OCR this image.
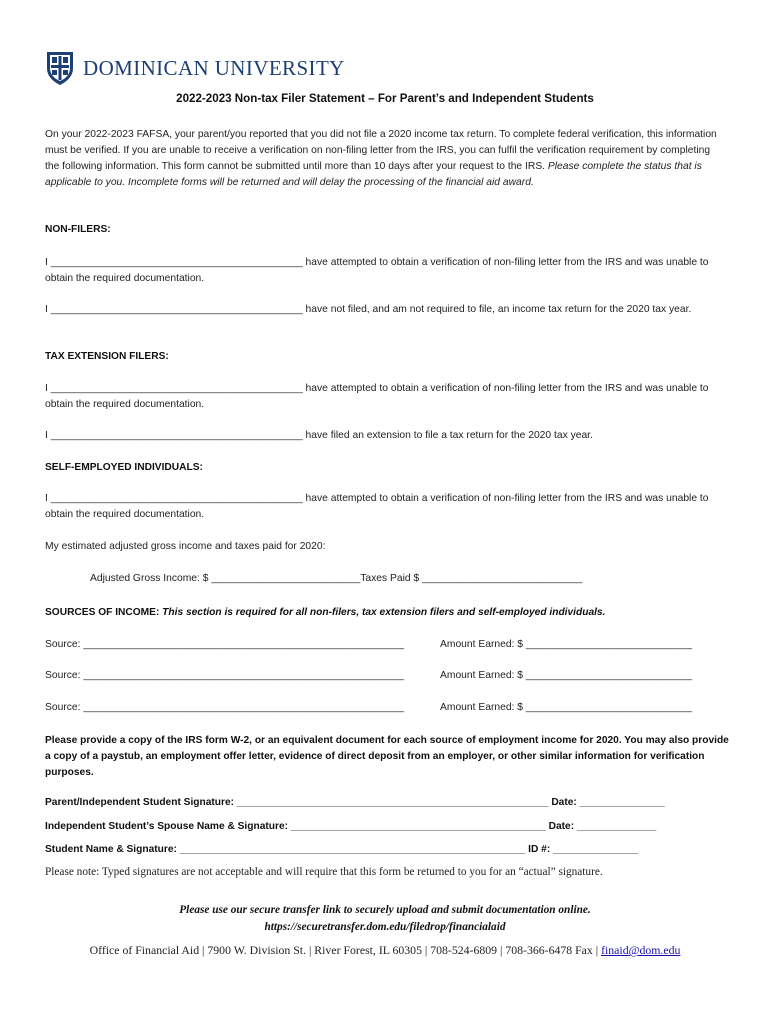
DOMINICAN UNIVERSITY
2022-2023 Non-tax Filer Statement – For Parent’s and Independent Students
On your 2022-2023 FAFSA, your parent/you reported that you did not file a 2020 income tax return. To complete federal verification, this information must be verified. If you are unable to receive a verification on non-filing letter from the IRS, you can fulfil the verification requirement by completing the following information. This form cannot be submitted until more than 10 days after your request to the IRS. Please complete the status that is applicable to you. Incomplete forms will be returned and will delay the processing of the financial aid award.
NON-FILERS:
I ____________________________________________ have attempted to obtain a verification of non-filing letter from the IRS and was unable to obtain the required documentation.
I ____________________________________________ have not filed, and am not required to file, an income tax return for the 2020 tax year.
TAX EXTENSION FILERS:
I ____________________________________________ have attempted to obtain a verification of non-filing letter from the IRS and was unable to obtain the required documentation.
I ____________________________________________ have filed an extension to file a tax return for the 2020 tax year.
SELF-EMPLOYED INDIVIDUALS:
I ____________________________________________ have attempted to obtain a verification of non-filing letter from the IRS and was unable to obtain the required documentation.
My estimated adjusted gross income and taxes paid for 2020:
Adjusted Gross Income: $ __________________________Taxes Paid $ ____________________________
SOURCES OF INCOME: This section is required for all non-filers, tax extension filers and self-employed individuals.
Source: ________________________________________________________	Amount Earned: $ _____________________________
Source: ________________________________________________________	Amount Earned: $ _____________________________
Source: ________________________________________________________	Amount Earned: $ _____________________________
Please provide a copy of the IRS form W-2, or an equivalent document for each source of employment income for 2020. You may also provide a copy of a paystub, an employment offer letter, evidence of direct deposit from an employer, or other similar information for verification purposes.
Parent/Independent Student Signature: _______________________________________________________ Date: _______________
Independent Student’s Spouse Name & Signature: _____________________________________________ Date: ______________
Student Name & Signature: _____________________________________________________________ ID #: _______________
Please note: Typed signatures are not acceptable and will require that this form be returned to you for an “actual” signature.
Please use our secure transfer link to securely upload and submit documentation online.
https://securetransfer.dom.edu/filedrop/financialaid
Office of Financial Aid | 7900 W. Division St. | River Forest, IL 60305 | 708-524-6809 | 708-366-6478 Fax | finaid@dom.edu
